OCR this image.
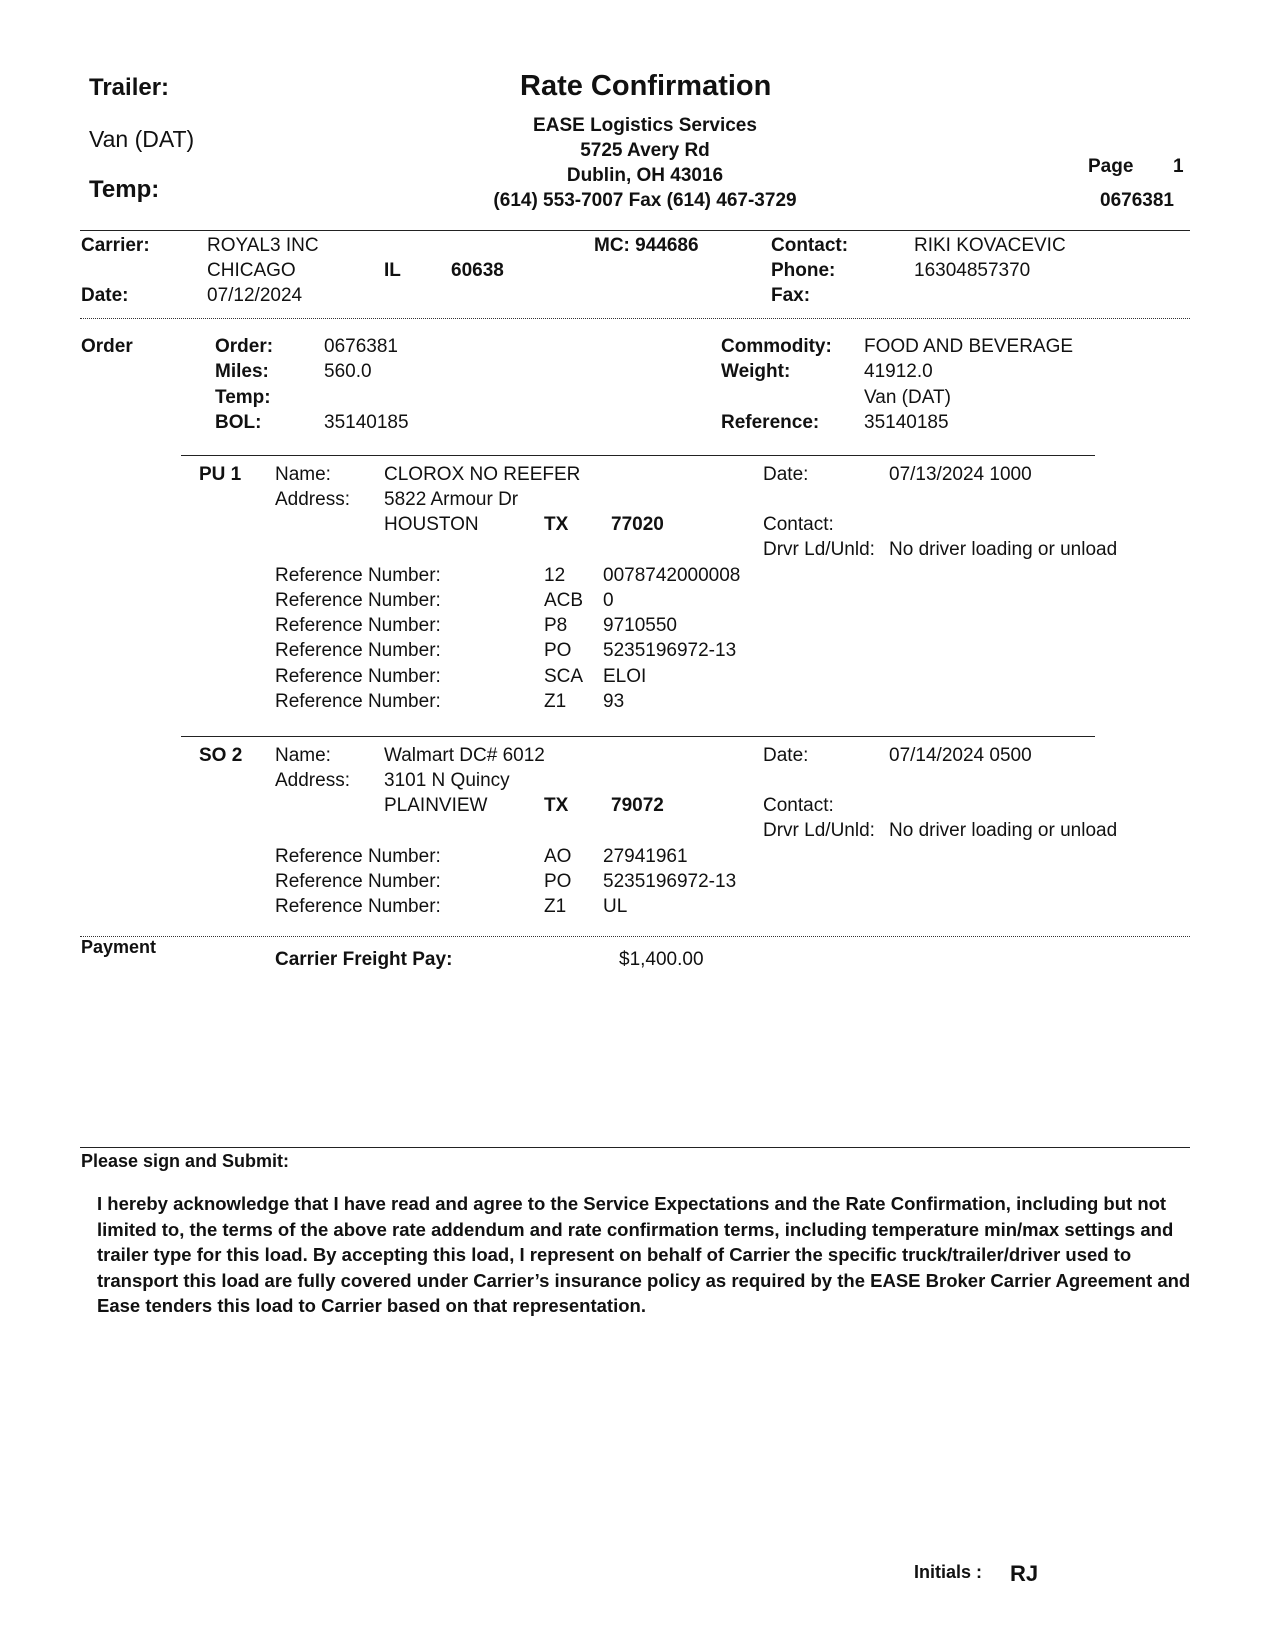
Trailer:
Van (DAT)
Temp:
Rate Confirmation
EASE Logistics Services
5725 Avery Rd
Dublin, OH 43016
(614) 553-7007 Fax (614) 467-3729
Page 1
0676381
Carrier:	ROYAL3 INC	MC: 944686	Contact:	RIKI KOVACEVIC
CHICAGO	IL	60638	Phone:	16304857370
Date:	07/12/2024	Fax:
Order	Order:	0676381
Miles:	560.0
Temp:
BOL:	35140185
Commodity: FOOD AND BEVERAGE
Weight:	41912.0
Van (DAT)
Reference: 35140185
PU 1 Name:	CLOROX NO REEFER	Date:	07/13/2024 1000
Address: 5822 Armour Dr
HOUSTON	TX 77020	Contact:
Drvr Ld/Unld: No driver loading or unload
Reference Number:	12 0078742000008
Reference Number:	ACB 0
Reference Number:	P8 9710550
Reference Number:	PO 5235196972-13
Reference Number:	SCA ELOI
Reference Number:	Z1 93
SO 2 Name:	Walmart DC# 6012	Date:	07/14/2024 0500
Address: 3101 N Quincy
PLAINVIEW	TX 79072	Contact:
Drvr Ld/Unld: No driver loading or unload
Reference Number:	AO 27941961
Reference Number:	PO 5235196972-13
Reference Number:	Z1 UL
Payment
Carrier Freight Pay:	$1,400.00
Please sign and Submit:
I hereby acknowledge that I have read and agree to the Service Expectations and the Rate Confirmation, including but not limited to, the terms of the above rate addendum and rate confirmation terms, including temperature min/max settings and trailer type for this load. By accepting this load, I represent on behalf of Carrier the specific truck/trailer/driver used to transport this load are fully covered under Carrier’s insurance policy as required by the EASE Broker Carrier Agreement and Ease tenders this load to Carrier based on that representation.
Initials : RJ
